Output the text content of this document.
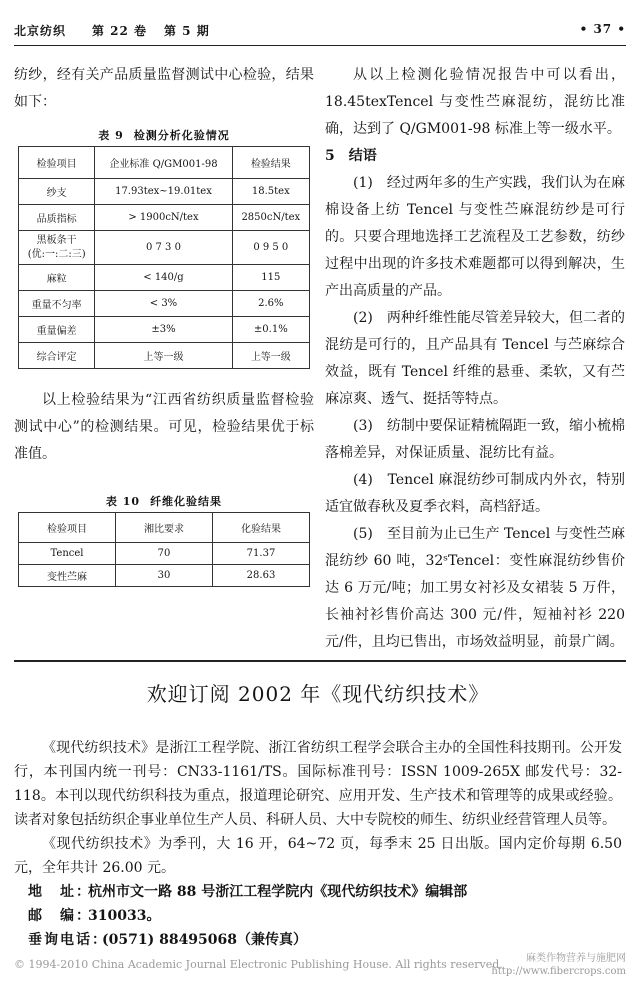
北京纺织 第 22 卷 第 5 期	• 37 •

纺纱，经有关产品质量监督测试中心检验，结果如下：

表 9 检测分析化验情况
检验项目	企业标准 Q/GM001-98	检验结果
纱支	17.93tex~19.01tex	18.5tex
品质指标	> 1900cN/tex	2850cN/tex
黑板条干
(优:一:二:三)	0 7 3 0	0 9 5 0
麻粒	< 140/g	115
重量不匀率	< 3%	2.6%
重量偏差	±3%	±0.1%
综合评定	上等一级	上等一级

以上检验结果为“江西省纺织质量监督检验测试中心”的检测结果。可见，检验结果优于标准值。

表 10 纤维化验结果
检验项目	湘比要求	化验结果
Tencel	70	71.37
变性苎麻	30	28.63

从以上检测化验情况报告中可以看出，18.45texTencel 与变性苎麻混纺，混纺比准确，达到了 Q/GM001-98 标准上等一级水平。

5　结语

(1)　经过两年多的生产实践，我们认为在麻棉设备上纺 Tencel 与变性苎麻混纺纱是可行的。只要合理地选择工艺流程及工艺参数，纺纱过程中出现的许多技术难题都可以得到解决，生产出高质量的产品。

(2)　两种纤维性能尽管差异较大，但二者的混纺是可行的，且产品具有 Tencel 与苎麻综合效益，既有 Tencel 纤维的悬垂、柔软，又有苎麻凉爽、透气、挺括等特点。

(3)　纺制中要保证精梳隔距一致，缩小梳棉落棉差异，对保证质量、混纺比有益。

(4)　Tencel 麻混纺纱可制成内外衣，特别适宜做春秋及夏季衣料，高档舒适。

(5)　至目前为止已生产 Tencel 与变性苎麻混纺纱 60 吨，32ˢTencel：变性麻混纺纱售价达 6 万元/吨；加工男女衬衫及女裙装 5 万件，长袖衬衫售价高达 300 元/件，短袖衬衫 220 元/件，且均已售出，市场效益明显，前景广阔。

欢迎订阅 2002 年《现代纺织技术》

《现代纺织技术》是浙江工程学院、浙江省纺织工程学会联合主办的全国性科技期刊。公开发行，本刊国内统一刊号：CN33-1161/TS。国际标准刊号：ISSN 1009-265X 邮发代号：32-118。本刊以现代纺织科技为重点，报道理论研究、应用开发、生产技术和管理等的成果或经验。读者对象包括纺织企事业单位生产人员、科研人员、大中专院校的师生、纺织业经营管理人员等。

《现代纺织技术》为季刊，大 16 开，64~72 页，每季末 25 日出版。国内定价每期 6.50 元，全年共计 26.00 元。

地　址：杭州市文一路 88 号浙江工程学院内《现代纺织技术》编辑部
邮　编：310033。
垂询电话：(0571) 88495068（兼传真）
© 1994-2010 China Academic Journal Electronic Publishing House. All rights reserved.	麻类作物营养与施肥网
http://www.fibercrops.com
